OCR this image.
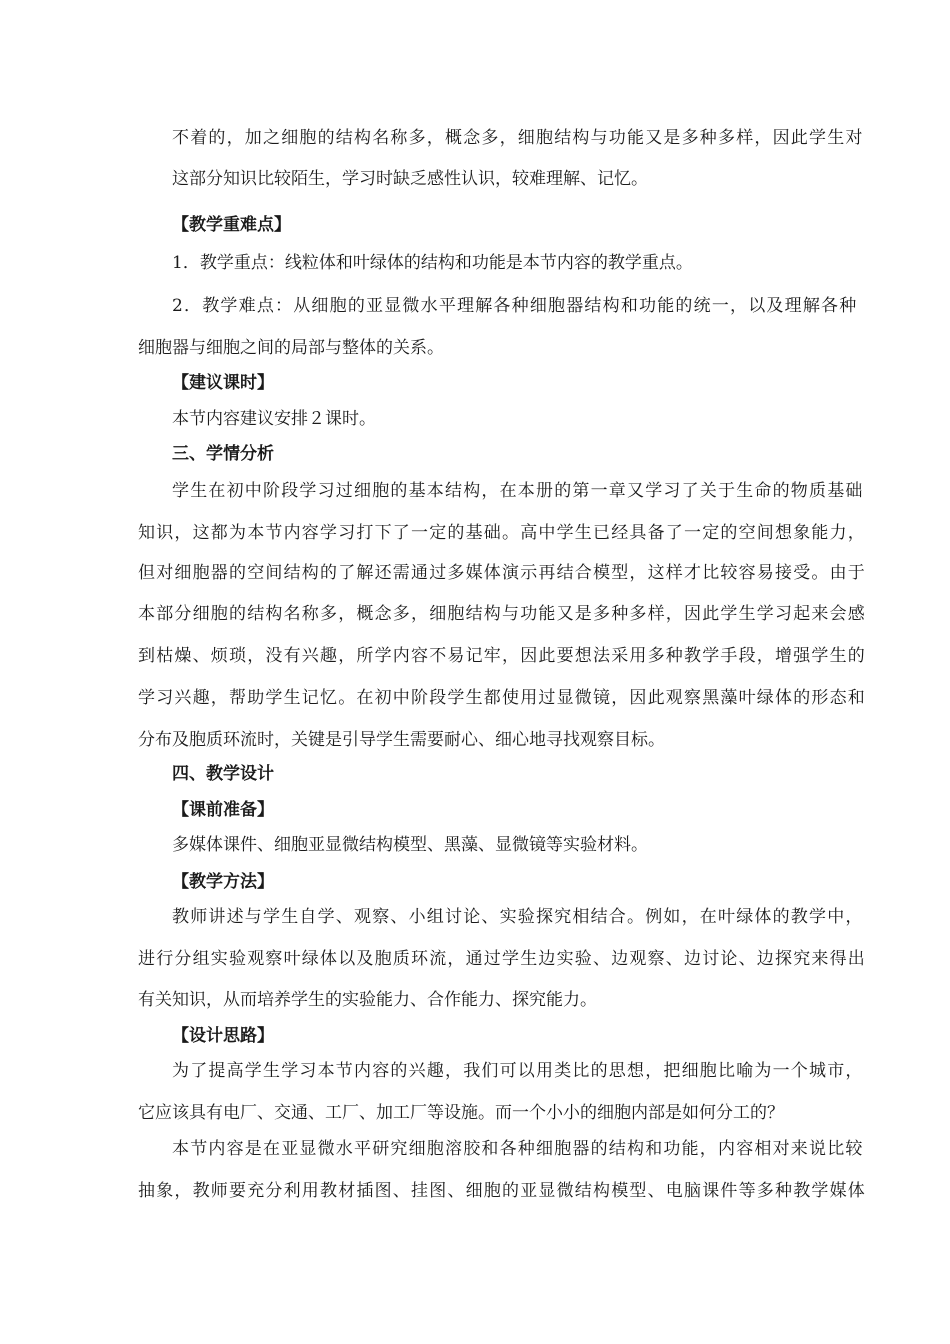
不着的，加之细胞的结构名称多，概念多，细胞结构与功能又是多种多样，因此学生对
这部分知识比较陌生，学习时缺乏感性认识，较难理解、记忆。
【教学重难点】
1．教学重点：线粒体和叶绿体的结构和功能是本节内容的教学重点。
2．教学难点：从细胞的亚显微水平理解各种细胞器结构和功能的统一，以及理解各种
细胞器与细胞之间的局部与整体的关系。
【建议课时】
本节内容建议安排２课时。
三、学情分析
学生在初中阶段学习过细胞的基本结构，在本册的第一章又学习了关于生命的物质基础
知识，这都为本节内容学习打下了一定的基础。高中学生已经具备了一定的空间想象能力，
但对细胞器的空间结构的了解还需通过多媒体演示再结合模型，这样才比较容易接受。由于
本部分细胞的结构名称多，概念多，细胞结构与功能又是多种多样，因此学生学习起来会感
到枯燥、烦琐，没有兴趣，所学内容不易记牢，因此要想法采用多种教学手段，增强学生的
学习兴趣，帮助学生记忆。在初中阶段学生都使用过显微镜，因此观察黑藻叶绿体的形态和
分布及胞质环流时，关键是引导学生需要耐心、细心地寻找观察目标。
四、教学设计
【课前准备】
多媒体课件、细胞亚显微结构模型、黑藻、显微镜等实验材料。
【教学方法】
教师讲述与学生自学、观察、小组讨论、实验探究相结合。例如，在叶绿体的教学中，
进行分组实验观察叶绿体以及胞质环流，通过学生边实验、边观察、边讨论、边探究来得出
有关知识，从而培养学生的实验能力、合作能力、探究能力。
【设计思路】
为了提高学生学习本节内容的兴趣，我们可以用类比的思想，把细胞比喻为一个城市，
它应该具有电厂、交通、工厂、加工厂等设施。而一个小小的细胞内部是如何分工的？
本节内容是在亚显微水平研究细胞溶胶和各种细胞器的结构和功能，内容相对来说比较
抽象，教师要充分利用教材插图、挂图、细胞的亚显微结构模型、电脑课件等多种教学媒体
